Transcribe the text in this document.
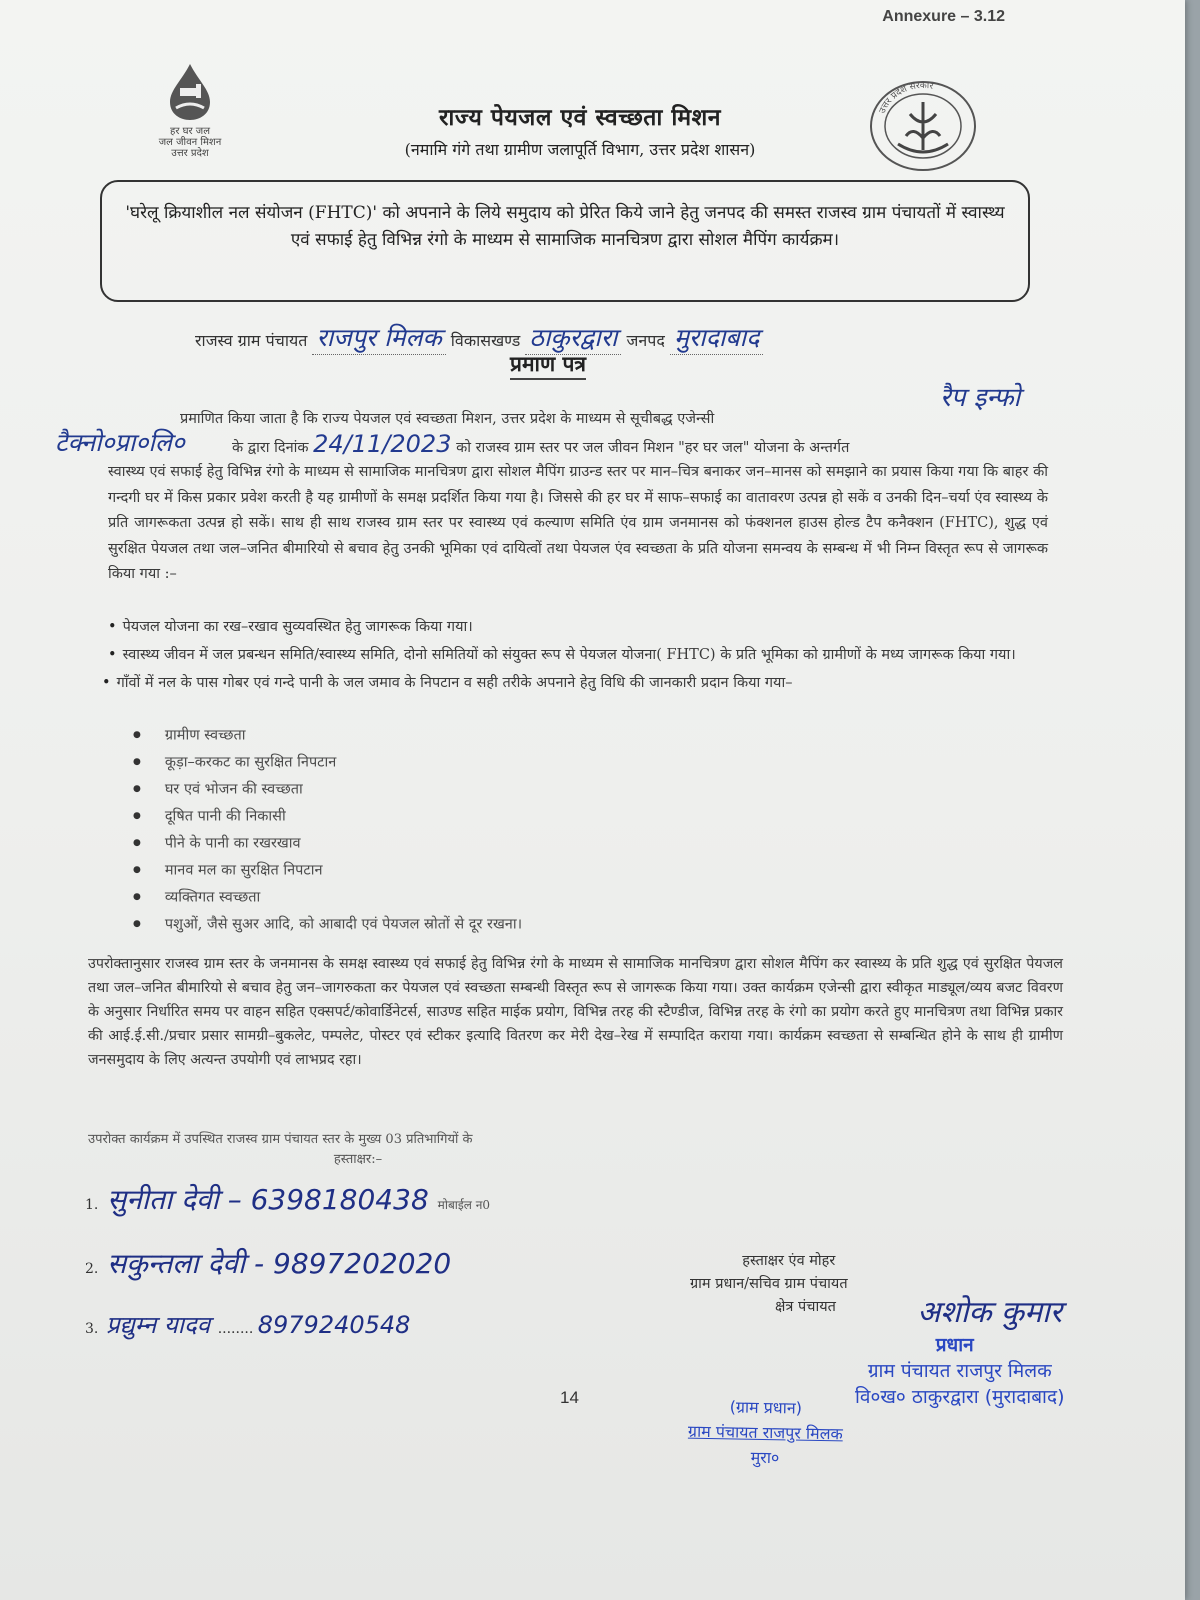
Annexure – 3.12
हर घर जल
जल जीवन मिशन
उत्तर प्रदेश
उत्तर प्रदेश सरकार
राज्य पेयजल एवं स्वच्छता मिशन
(नमामि गंगे तथा ग्रामीण जलापूर्ति विभाग, उत्तर प्रदेश शासन)
'घरेलू क्रियाशील नल संयोजन (FHTC)' को अपनाने के लिये समुदाय को प्रेरित किये जाने हेतु जनपद की समस्त राजस्व ग्राम पंचायतों में स्वास्थ्य एवं सफाई हेतु विभिन्न रंगो के माध्यम से सामाजिक मानचित्रण द्वारा सोशल मैपिंग कार्यक्रम।
राजस्व ग्राम पंचायत राजपुर मिलक विकासखण्ड ठाकुरद्वारा जनपद मुरादाबाद
प्रमाण पत्र
रैप इन्फो
टैक्नो०प्रा०लि०
प्रमाणित किया जाता है कि राज्य पेयजल एवं स्वच्छता मिशन, उत्तर प्रदेश के माध्यम से सूचीबद्ध एजेन्सी
के द्वारा दिनांक 24/11/2023 को राजस्व ग्राम स्तर पर जल जीवन मिशन "हर घर जल" योजना के अन्तर्गत
स्वास्थ्य एवं सफाई हेतु विभिन्न रंगो के माध्यम से सामाजिक मानचित्रण द्वारा सोशल मैपिंग ग्राउन्ड स्तर पर मान–चित्र बनाकर जन–मानस को समझाने का प्रयास किया गया कि बाहर की गन्दगी घर में किस प्रकार प्रवेश करती है यह ग्रामीणों के समक्ष प्रदर्शित किया गया है। जिससे की हर घर में साफ–सफाई का वातावरण उत्पन्न हो सकें व उनकी दिन–चर्या एंव स्वास्थ्य के प्रति जागरूकता उत्पन्न हो सकें। साथ ही साथ राजस्व ग्राम स्तर पर स्वास्थ्य एवं कल्याण समिति एंव ग्राम जनमानस को फंक्शनल हाउस होल्ड टैप कनैक्शन (FHTC), शुद्ध एवं सुरक्षित पेयजल तथा जल–जनित बीमारियो से बचाव हेतु उनकी भूमिका एवं दायित्वों तथा पेयजल एंव स्वच्छता के प्रति योजना समन्वय के सम्बन्ध में भी निम्न विस्तृत रूप से जागरूक किया गया :–
• पेयजल योजना का रख–रखाव सुव्यवस्थित हेतु जागरूक किया गया।
• स्वास्थ्य जीवन में जल प्रबन्धन समिति/स्वास्थ्य समिति, दोनो समितियों को संयुक्त रूप से पेयजल योजना( FHTC) के प्रति भूमिका को ग्रामीणों के मध्य जागरूक किया गया।
• गाँवों में नल के पास गोबर एवं गन्दे पानी के जल जमाव के निपटान व सही तरीके अपनाने हेतु विधि की जानकारी प्रदान किया गया–
● ग्रामीण स्वच्छता
● कूड़ा–करकट का सुरक्षित निपटान
● घर एवं भोजन की स्वच्छता
● दूषित पानी की निकासी
● पीने के पानी का रखरखाव
● मानव मल का सुरक्षित निपटान
● व्यक्तिगत स्वच्छता
● पशुओं, जैसे सुअर आदि, को आबादी एवं पेयजल स्रोतों से दूर रखना।
उपरोक्तानुसार राजस्व ग्राम स्तर के जनमानस के समक्ष स्वास्थ्य एवं सफाई हेतु विभिन्न रंगो के माध्यम से सामाजिक मानचित्रण द्वारा सोशल मैपिंग कर स्वास्थ्य के प्रति शुद्ध एवं सुरक्षित पेयजल तथा जल–जनित बीमारियो से बचाव हेतु जन–जागरुकता कर पेयजल एवं स्वच्छता सम्बन्धी विस्तृत रूप से जागरूक किया गया। उक्त कार्यक्रम एजेन्सी द्वारा स्वीकृत माड्यूल/व्यय बजट विवरण के अनुसार निर्धारित समय पर वाहन सहित एक्सपर्ट/कोवार्डिनेटर्स, साउण्ड सहित माईक प्रयोग, विभिन्न तरह की स्टैण्डीज, विभिन्न तरह के रंगो का प्रयोग करते हुए मानचित्रण तथा विभिन्न प्रकार की आई.ई.सी./प्रचार प्रसार सामग्री–बुकलेट, पम्पलेट, पोस्टर एवं स्टीकर इत्यादि वितरण कर मेरी देख–रेख में सम्पादित कराया गया। कार्यक्रम स्वच्छता से सम्बन्धित होने के साथ ही ग्रामीण जनसमुदाय के लिए अत्यन्त उपयोगी एवं लाभप्रद रहा।
उपरोक्त कार्यक्रम में उपस्थित राजस्व ग्राम पंचायत स्तर के मुख्य 03 प्रतिभागियों के
हस्ताक्षर:–
1. सुनीता देवी – 6398180438 मोबाईल न0
2. सकुन्तला देवी - 9897202020
3. प्रद्युम्न यादव ........ 8979240548
हस्ताक्षर एंव मोहर
ग्राम प्रधान/सचिव ग्राम पंचायत
क्षेत्र पंचायत	अशोक कुमार
प्रधान
ग्राम पंचायत राजपुर मिलक
वि०ख० ठाकुरद्वारा (मुरादाबाद)
14	(ग्राम प्रधान)
ग्राम पंचायत राजपुर मिलक
मुरा०
